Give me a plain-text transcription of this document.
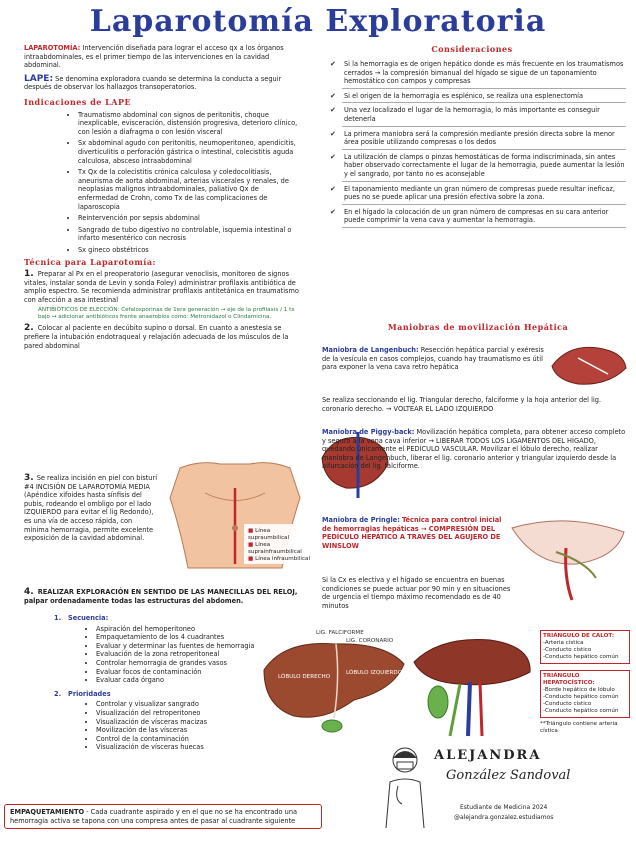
Laparotomía Exploratoria

LAPAROTOMÍA: Intervención diseñada para lograr el acceso qx a los órganos intraabdominales, es el primer tiempo de las intervenciones en la cavidad abdominal.

LAPE: Se denomina exploradora cuando se determina la conducta a seguir después de observar los hallazgos transoperatorios.

Indicaciones de LAPE
• Traumatismo abdominal con signos de peritonitis, choque inexplicable, evisceración, distensión progresiva, deterioro clínico, con lesión a diafragma o con lesión visceral
• Sx abdominal agudo con peritonitis, neumoperitoneo, apendicitis, diverticulitis o perforación gástrica o intestinal, colecistitis aguda calculosa, absceso intraabdominal
• Tx Qx de la colecistitis crónica calculosa y coledocolitiasis, aneurisma de aorta abdominal, arterias viscerales y renales, de neoplasias malignos intraabdominales, paliativo Qx de enfermedad de Crohn, como Tx de las complicaciones de laparoscopia
• Reintervención por sepsis abdominal
• Sangrado de tubo digestivo no controlable, isquemia intestinal o infarto mesentérico con necrosis
• Sx gineco obstétricos
Técnica para Laparotomía:

1. Preparar al Px en el preoperatorio (asegurar venoclisis, monitoreo de signos vitales, instalar sonda de Levin y sonda Foley) administrar profilaxis antibiótica de amplio espectro. Se recomienda administrar profilaxis antitetánica en traumatismo con afección a asa intestinal

ANTIBIÓTICOS DE ELECCIÓN: Cefalosporinas de 1era generación → eje de la profilaxis / 1 tx bajo → adicionar antibióticos frente anaerobios como: Metronidazol o Clindamicina.

2. Colocar al paciente en decúbito supino o dorsal. En cuanto a anestesia se prefiere la intubación endotraqueal y relajación adecuada de los músculos de la pared abdominal

3. Se realiza incisión en piel con bisturí #4 INCISIÓN DE LAPAROTOMÍA MEDIA (Apéndice xifoides hasta sínfisis del pubis, rodeando el ombligo por el lado IZQUIERDO para evitar el lig Redondo), es una vía de acceso rápida, con mínima hemorragia, permite excelente exposición de la cavidad abdominal.
■ Línea supraumbilical
■ Línea suprainfraumbilical
■ Línea infraumbilical
4. REALIZAR EXPLORACIÓN EN SENTIDO DE LAS MANECILLAS DEL RELOJ, palpar ordenadamente todas las estructuras del abdomen.
1. Secuencia:
• Aspiración del hemoperitoneo
• Empaquetamiento de los 4 cuadrantes
• Evaluar y determinar las fuentes de hemorragia
• Evaluación de la zona retroperitoneal
• Controlar hemorragia de grandes vasos
• Evaluar focos de contaminación
• Evaluar cada órgano
2. Prioridades
• Controlar y visualizar sangrado
• Visualización del retroperitoneo
• Visualización de vísceras macizas
• Movilización de las vísceras
• Control de la contaminación
• Visualización de vísceras huecas
LIG. FALCIFORME
LIG. CORONARIO
LÓBULO DERECHO
LÓBULO IZQUIERDO
EMPAQUETAMIENTO - Cada cuadrante aspirado y en el que no se ha encontrado una hemorragia activa se tapona con una compresa antes de pasar al cuadrante siguiente
Consideraciones
✔ Si la hemorragia es de origen hepático donde es más frecuente en los traumatismos cerrados → la compresión bimanual del hígado se sigue de un taponamiento hemostático con campos y compresas
✔ Si el origen de la hemorragia es esplénico, se realiza una esplenectomía
✔ Una vez localizado el lugar de la hemorragia, lo más importante es conseguir detenerla
✔ La primera maniobra será la compresión mediante presión directa sobre la menor área posible utilizando compresas o los dedos
✔ La utilización de clamps o pinzas hemostáticas de forma indiscriminada, sin antes haber observado correctamente el lugar de la hemorragia, puede aumentar la lesión y el sangrado, por tanto no es aconsejable
✔ El taponamiento mediante un gran número de compresas puede resultar ineficaz, pues no se puede aplicar una presión efectiva sobre la zona.
✔ En el hígado la colocación de un gran número de compresas en su cara anterior puede comprimir la vena cava y aumentar la hemorragia.
Maniobras de movilización Hepática
Maniobra de Langenbuch: Resección hepática parcial y exéresis de la vesícula en casos complejos, cuando hay traumatismo es útil para exponer la vena cava retro hepática
Se realiza seccionando el lig. Triangular derecho, falciforme y la hoja anterior del lig. coronario derecho. → VOLTEAR EL LADO IZQUIERDO
Maniobra de Piggy-back: Movilización hepática completa, para obtener acceso completo y seguro a la vena cava inferior → LIBERAR TODOS LOS LIGAMENTOS DEL HÍGADO, quedando únicamente el PEDÍCULO VASCULAR. Movilizar el lóbulo derecho, realizar maniobra de Langenbuch, liberar el lig. coronario anterior y triangular izquierdo desde la bifurcación del lig. falciforme.
Maniobra de Pringle: Técnica para control inicial de hemorragias hepáticas → COMPRESIÓN DEL PEDÍCULO HEPÁTICO A TRAVÉS DEL AGUJERO DE WINSLOW
Si la Cx es electiva y el hígado se encuentra en buenas condiciones se puede actuar por 90 min y en situaciones de urgencia el tiempo máximo recomendado es de 40 minutos
TRIÁNGULO DE CALOT:
-Arteria cística
-Conducto cístico
-Conducto hepático común
TRIÁNGULO HEPATOCÍSTICO:
-Borde hepático de lóbulo
-Conducto hepático común
-Conducto cístico
-Conducto hepático común
**Triángulo contiene arteria cística
ALEJANDRA
González Sandoval
Estudiante de Medicina 2024
@alejandra.gonzalez.estudiamos
